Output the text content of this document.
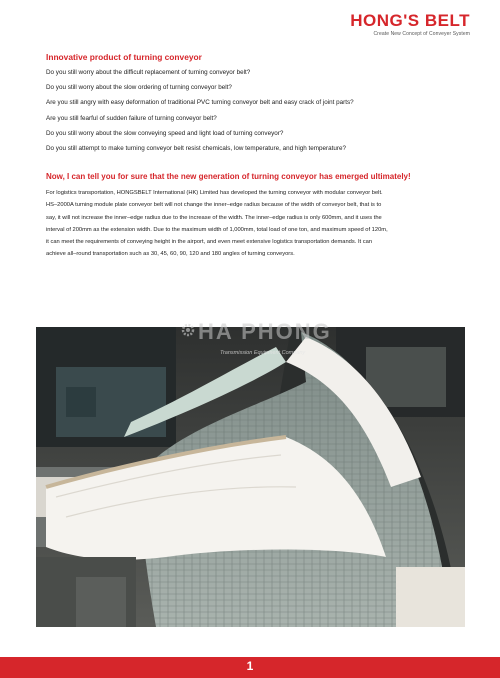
HONG'S BELT
Create New Concept of Conveyer System
Innovative product of turning conveyor
Do you still worry about the difficult replacement of turning conveyor belt?
Do you still worry about the slow ordering of turning conveyor belt?
Are you still angry with easy deformation of traditional PVC turning conveyor belt and easy crack of joint parts?
Are you still fearful of sudden failure of turning conveyor belt?
Do you still worry about the slow conveying speed and light load of turning conveyor?
Do you still attempt to make turning conveyor belt resist chemicals, low temperature, and high temperature?
Now, I can tell you for sure that the new generation of turning conveyor has emerged ultimately!

For logistics transportation, HONGSBELT International (HK) Limited has developed the turning conveyor with modular conveyor belt.

HS–2000A turning module plate conveyor belt will not change the inner–edge radius because of the width of conveyor belt, that is to

say, it will not increase the inner–edge radius due to the increase of the width. The inner–edge radius is only 600mm, and it uses the

interval of 200mm as the extension width. Due to the maximum width of 1,000mm, total load of one ton, and maximum speed of 120m,

it can meet the requirements of conveying height in the airport, and even meet extensive logistics transportation demands. It can

achieve all–round transportation such as 30, 45, 60, 90, 120 and 180 angles of turning conveyors.

HA PHONG
Transmission Equipment Company
1
